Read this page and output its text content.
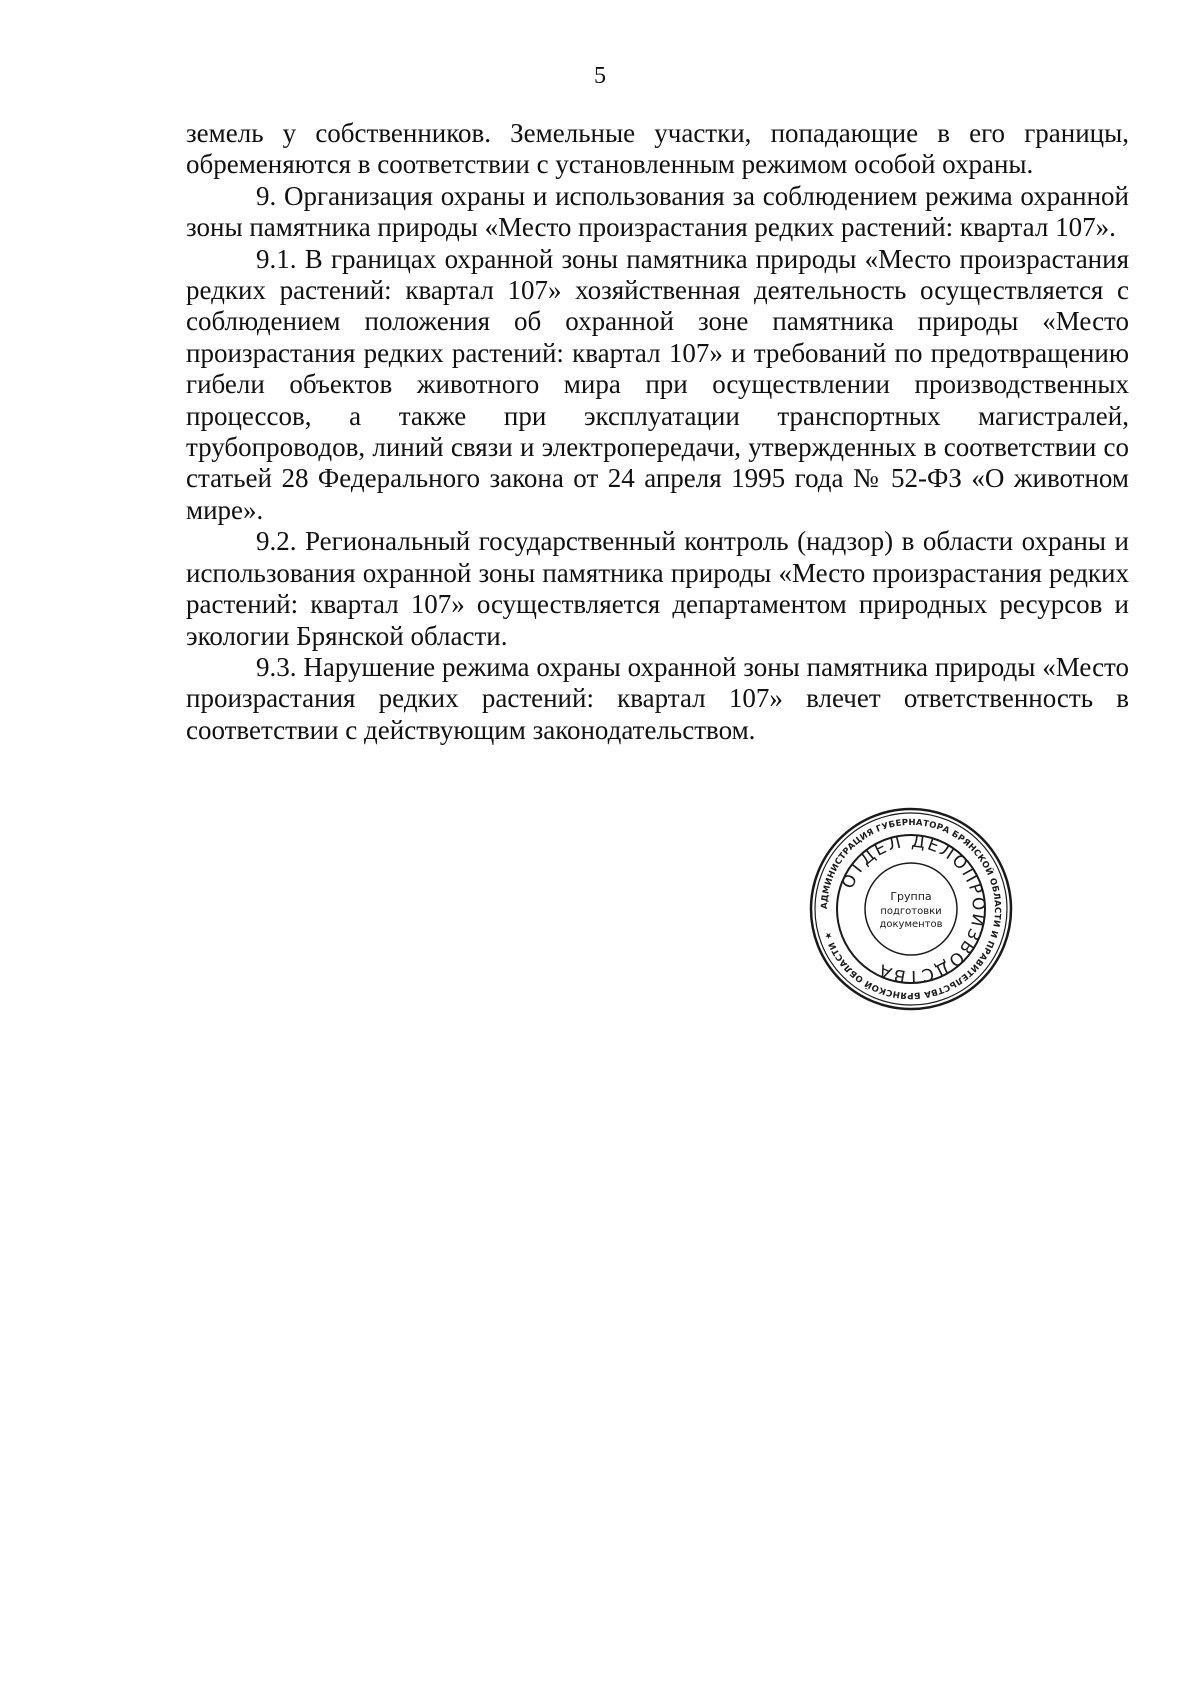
5

земель у собственников. Земельные участки, попадающие в его границы, обременяются в соответствии с установленным режимом особой охраны.

9. Организация охраны и использования за соблюдением режима охранной зоны памятника природы «Место произрастания редких растений: квартал 107».

9.1. В границах охранной зоны памятника природы «Место произрастания редких растений: квартал 107» хозяйственная деятельность осуществляется с соблюдением положения об охранной зоне памятника природы «Место произрастания редких растений: квартал 107» и требований по предотвращению гибели объектов животного мира при осуществлении производственных процессов, а также при эксплуатации транспортных магистралей, трубопроводов, линий связи и электропередачи, утвержденных в соответствии со статьей 28 Федерального закона от 24 апреля 1995 года № 52-ФЗ «О животном мире».

9.2. Региональный государственный контроль (надзор) в области охраны и использования охранной зоны памятника природы «Место произрастания редких растений: квартал 107» осуществляется департаментом природных ресурсов и экологии Брянской области.

9.3. Нарушение режима охраны охранной зоны памятника природы «Место произрастания редких растений: квартал 107» влечет ответственность в соответствии с действующим законодательством.

АДМИНИСТРАЦИЯ ГУБЕРНАТОРА БРЯНСКОЙ ОБЛАСТИ И ПРАВИТЕЛЬСТВА БРЯНСКОЙ ОБЛАСТИ ★
ОТДЕЛ ДЕЛОПРОИЗВОДСТВА
Группа
подготовки
документов
